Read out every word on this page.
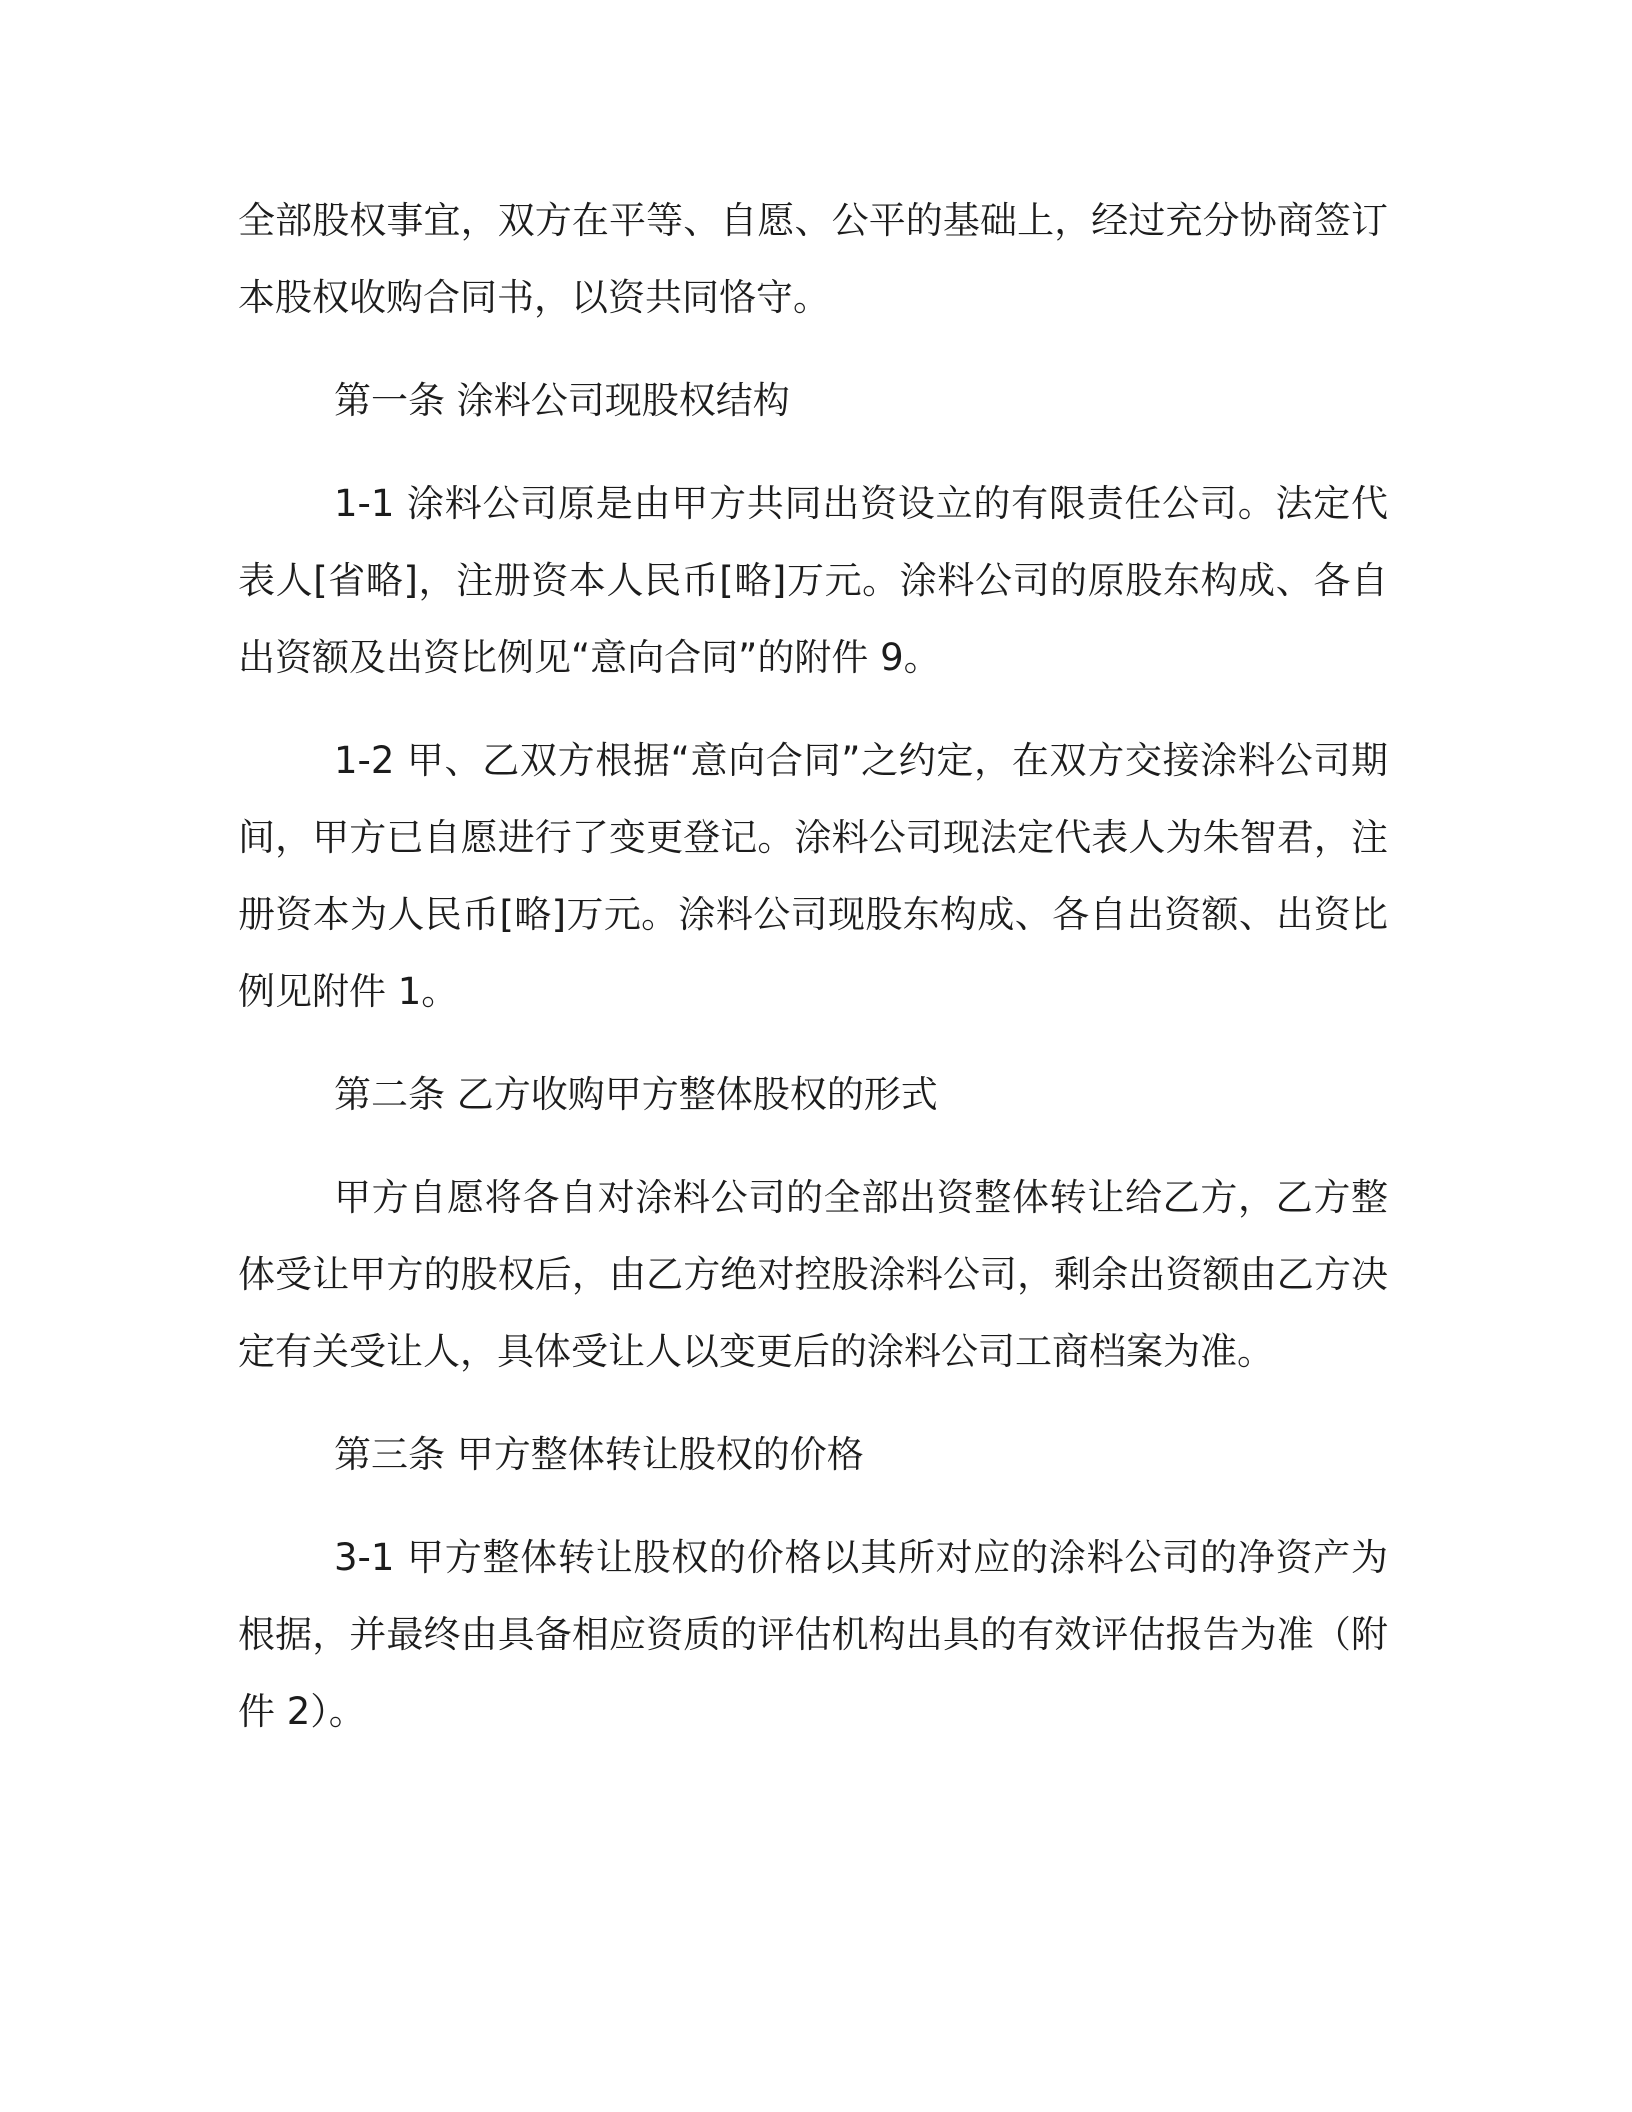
全部股权事宜，双方在平等、自愿、公平的基础上，经过充分协商签订本股权收购合同书，以资共同恪守。

第一条 涂料公司现股权结构

1-1 涂料公司原是由甲方共同出资设立的有限责任公司。法定代表人[省略]，注册资本人民币[略]万元。涂料公司的原股东构成、各自出资额及出资比例见“意向合同”的附件 9。

1-2 甲、乙双方根据“意向合同”之约定，在双方交接涂料公司期间，甲方已自愿进行了变更登记。涂料公司现法定代表人为朱智君，注册资本为人民币[略]万元。涂料公司现股东构成、各自出资额、出资比例见附件 1。

第二条 乙方收购甲方整体股权的形式

甲方自愿将各自对涂料公司的全部出资整体转让给乙方，乙方整体受让甲方的股权后，由乙方绝对控股涂料公司，剩余出资额由乙方决定有关受让人，具体受让人以变更后的涂料公司工商档案为准。

第三条 甲方整体转让股权的价格

3-1 甲方整体转让股权的价格以其所对应的涂料公司的净资产为根据，并最终由具备相应资质的评估机构出具的有效评估报告为准（附件 2）。
